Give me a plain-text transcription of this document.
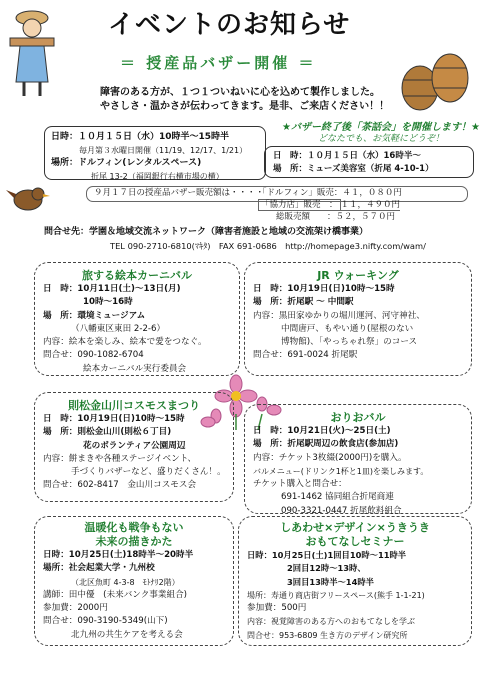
イベントのお知らせ
＝ 授産品バザー開催 ＝
障害のある方が、１つ１ついねいに心を込めて製作しました。
やさしさ・温かさが伝わってきます。是非、ご来店ください！！
日時：１０月１５日（水）10時半～15時半
毎月第３水曜日開催（11/19、12/17、1/21）
場所：ドルフィン(レンタルスペース)
折尾 13-2（福岡銀行右横市場の横）
★バザー終了後「茶話会」を開催します！★
どなたでも、お気軽にどうぞ！
日　時：１０月１５日（水）16時半～
場　所：ミューズ美容室（折尾 4-10-1）
９月１７日の授産品バザー販売額は・・・・
「ドルフィン」販売：４１，０８０円
「協力店」販売　： １１，４９０円
総販売額　　：５２，５７０円
問合せ先：学園＆地域交流ネットワーク（障害者施設と地域の交流架け橋事業）
TEL 090-2710-6810(ﾏｷﾀ)　FAX 691-0686　http://homepage3.nifty.com/wam/
旅する絵本カーニバル
日　時：10月11日(土)～13日(月)
10時～16時
場　所：環境ミュージアム
（八幡東区東田 2-2-6）
内容：絵本を楽しみ、絵本で愛をつなぐ。
問合せ：090-1082-6704
絵本カーニバル実行委員会
JR ウォーキング
日　時：10月19日(日)10時～15時
場　所：折尾駅 ～ 中間駅
内容：黒田家ゆかりの堀川運河、河守神社、
中間唐戸、もやい通り(屋根のない
博物館)、「やっちゃれ祭」のコース
問合せ：691-0024 折尾駅
則松金山川コスモスまつり
日　時：10月19日(日)10時～15時
場　所：則松金山川(則松６丁目)
花のボランティア公園周辺
内容：餅まきや各種ステージイベント、
手づくりバザーなど、盛りだくさん！。
問合せ：602-8417　金山川コスモス会
おりおバル
日　時：10月21日(火)～25日(土)
場　所：折尾駅周辺の飲食店(参加店)
内容：チケット3枚綴(2000円)を購入。
バルメニュー(ドリンク1杯と1皿)を楽しみます。
チケット購入と問合せ：
691-1462 協同組合折尾商連
090-3321-0447 折尾飲料組合
温暖化も戦争もない
未来の描きかた
日時：10月25日(土)18時半～20時半
場所：社会起業大学・九州校
（北区魚町 4-3-8　ﾓﾄﾅﾘ2階）
講師：田中優　(未来バンク事業組合)
参加費：2000円
問合せ：090-3190-5349(山下)
北九州の共生ケアを考える会
しあわせ×デザイン×うきうき
おもてなしセミナー
日時：10月25日(土)1回目10時～11時半
2回目12時～13時、
3回目13時半～14時半
場所：寿通り商店街フリースペース(熊手 1-1-21)
参加費：500円
内容：視覚障害のある方へのおもてなしを学ぶ
問合せ：953-6809 生き方のデザイン研究所
